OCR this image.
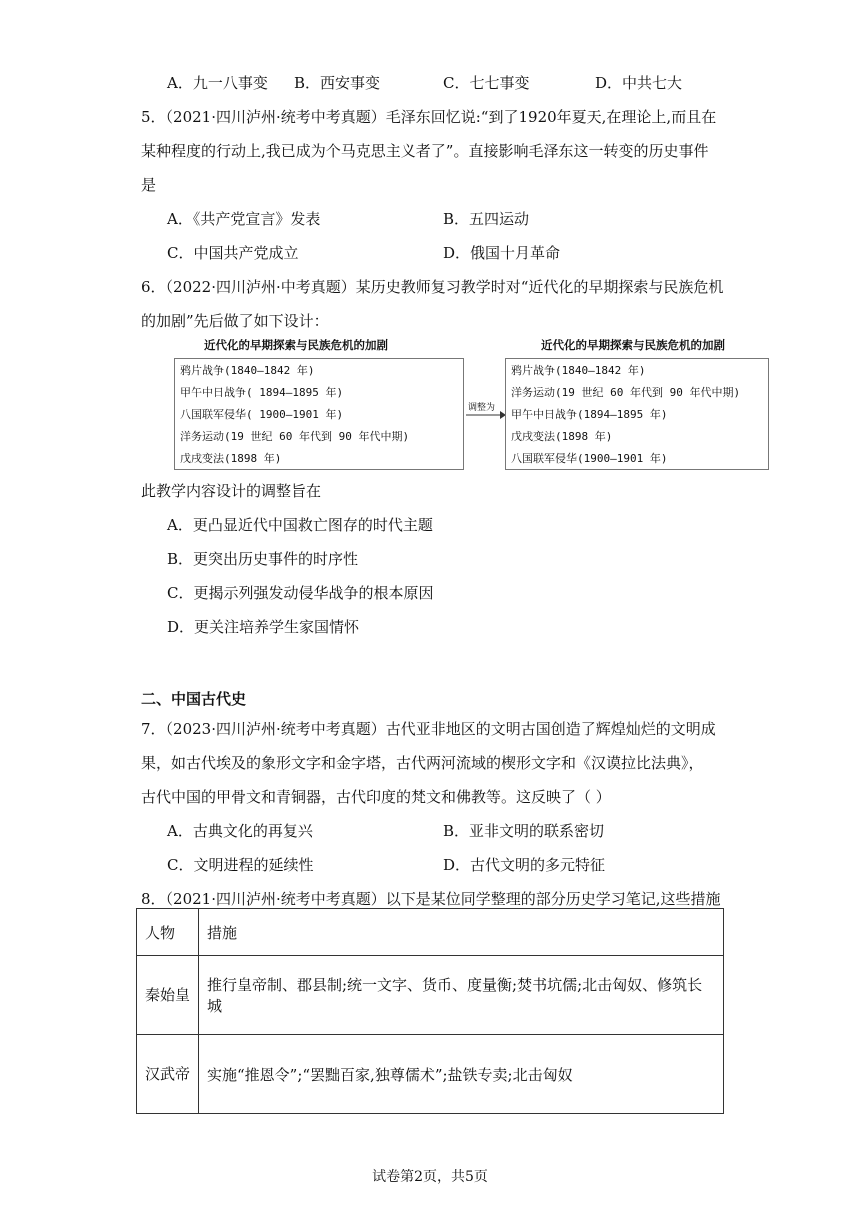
A．九一八事变 B．西安事变	C．七七事变	D．中共七大
5．（2021·四川泸州·统考中考真题）毛泽东回忆说:“到了1920年夏天,在理论上,而且在
某种程度的行动上,我已成为个马克思主义者了”。直接影响毛泽东这一转变的历史事件
是
A．《共产党宣言》发表	B．五四运动
C．中国共产党成立	D．俄国十月革命
6．（2022·四川泸州·中考真题）某历史教师复习教学时对“近代化的早期探索与民族危机
的加剧”先后做了如下设计：
近代化的早期探索与民族危机的加剧
鸦片战争(1840—1842 年)
甲午中日战争( 1894—1895 年)
八国联军侵华( 1900—1901 年)
洋务运动(19 世纪 60 年代到 90 年代中期)
戊戌变法(1898 年)
调整为
近代化的早期探索与民族危机的加剧
鸦片战争(1840—1842 年)
洋务运动(19 世纪 60 年代到 90 年代中期)
甲午中日战争(1894—1895 年)
戊戌变法(1898 年)
八国联军侵华(1900—1901 年)
此教学内容设计的调整旨在
A．更凸显近代中国救亡图存的时代主题
B．更突出历史事件的时序性
C．更揭示列强发动侵华战争的根本原因
D．更关注培养学生家国情怀
二、中国古代史
7．（2023·四川泸州·统考中考真题）古代亚非地区的文明古国创造了辉煌灿烂的文明成
果，如古代埃及的象形文字和金字塔，古代两河流域的楔形文字和《汉谟拉比法典》，
古代中国的甲骨文和青铜器，古代印度的梵文和佛教等。这反映了（ ）
A．古典文化的再复兴	B．亚非文明的联系密切
C．文明进程的延续性	D．古代文明的多元特征
8．（2021·四川泸州·统考中考真题）以下是某位同学整理的部分历史学习笔记,这些措施
人物	措施
秦始皇	推行皇帝制、郡县制;统一文字、货币、度量衡;焚书坑儒;北击匈奴、修筑长城
汉武帝	实施“推恩令”;“罢黜百家,独尊儒术”;盐铁专卖;北击匈奴
试卷第2页，共5页
